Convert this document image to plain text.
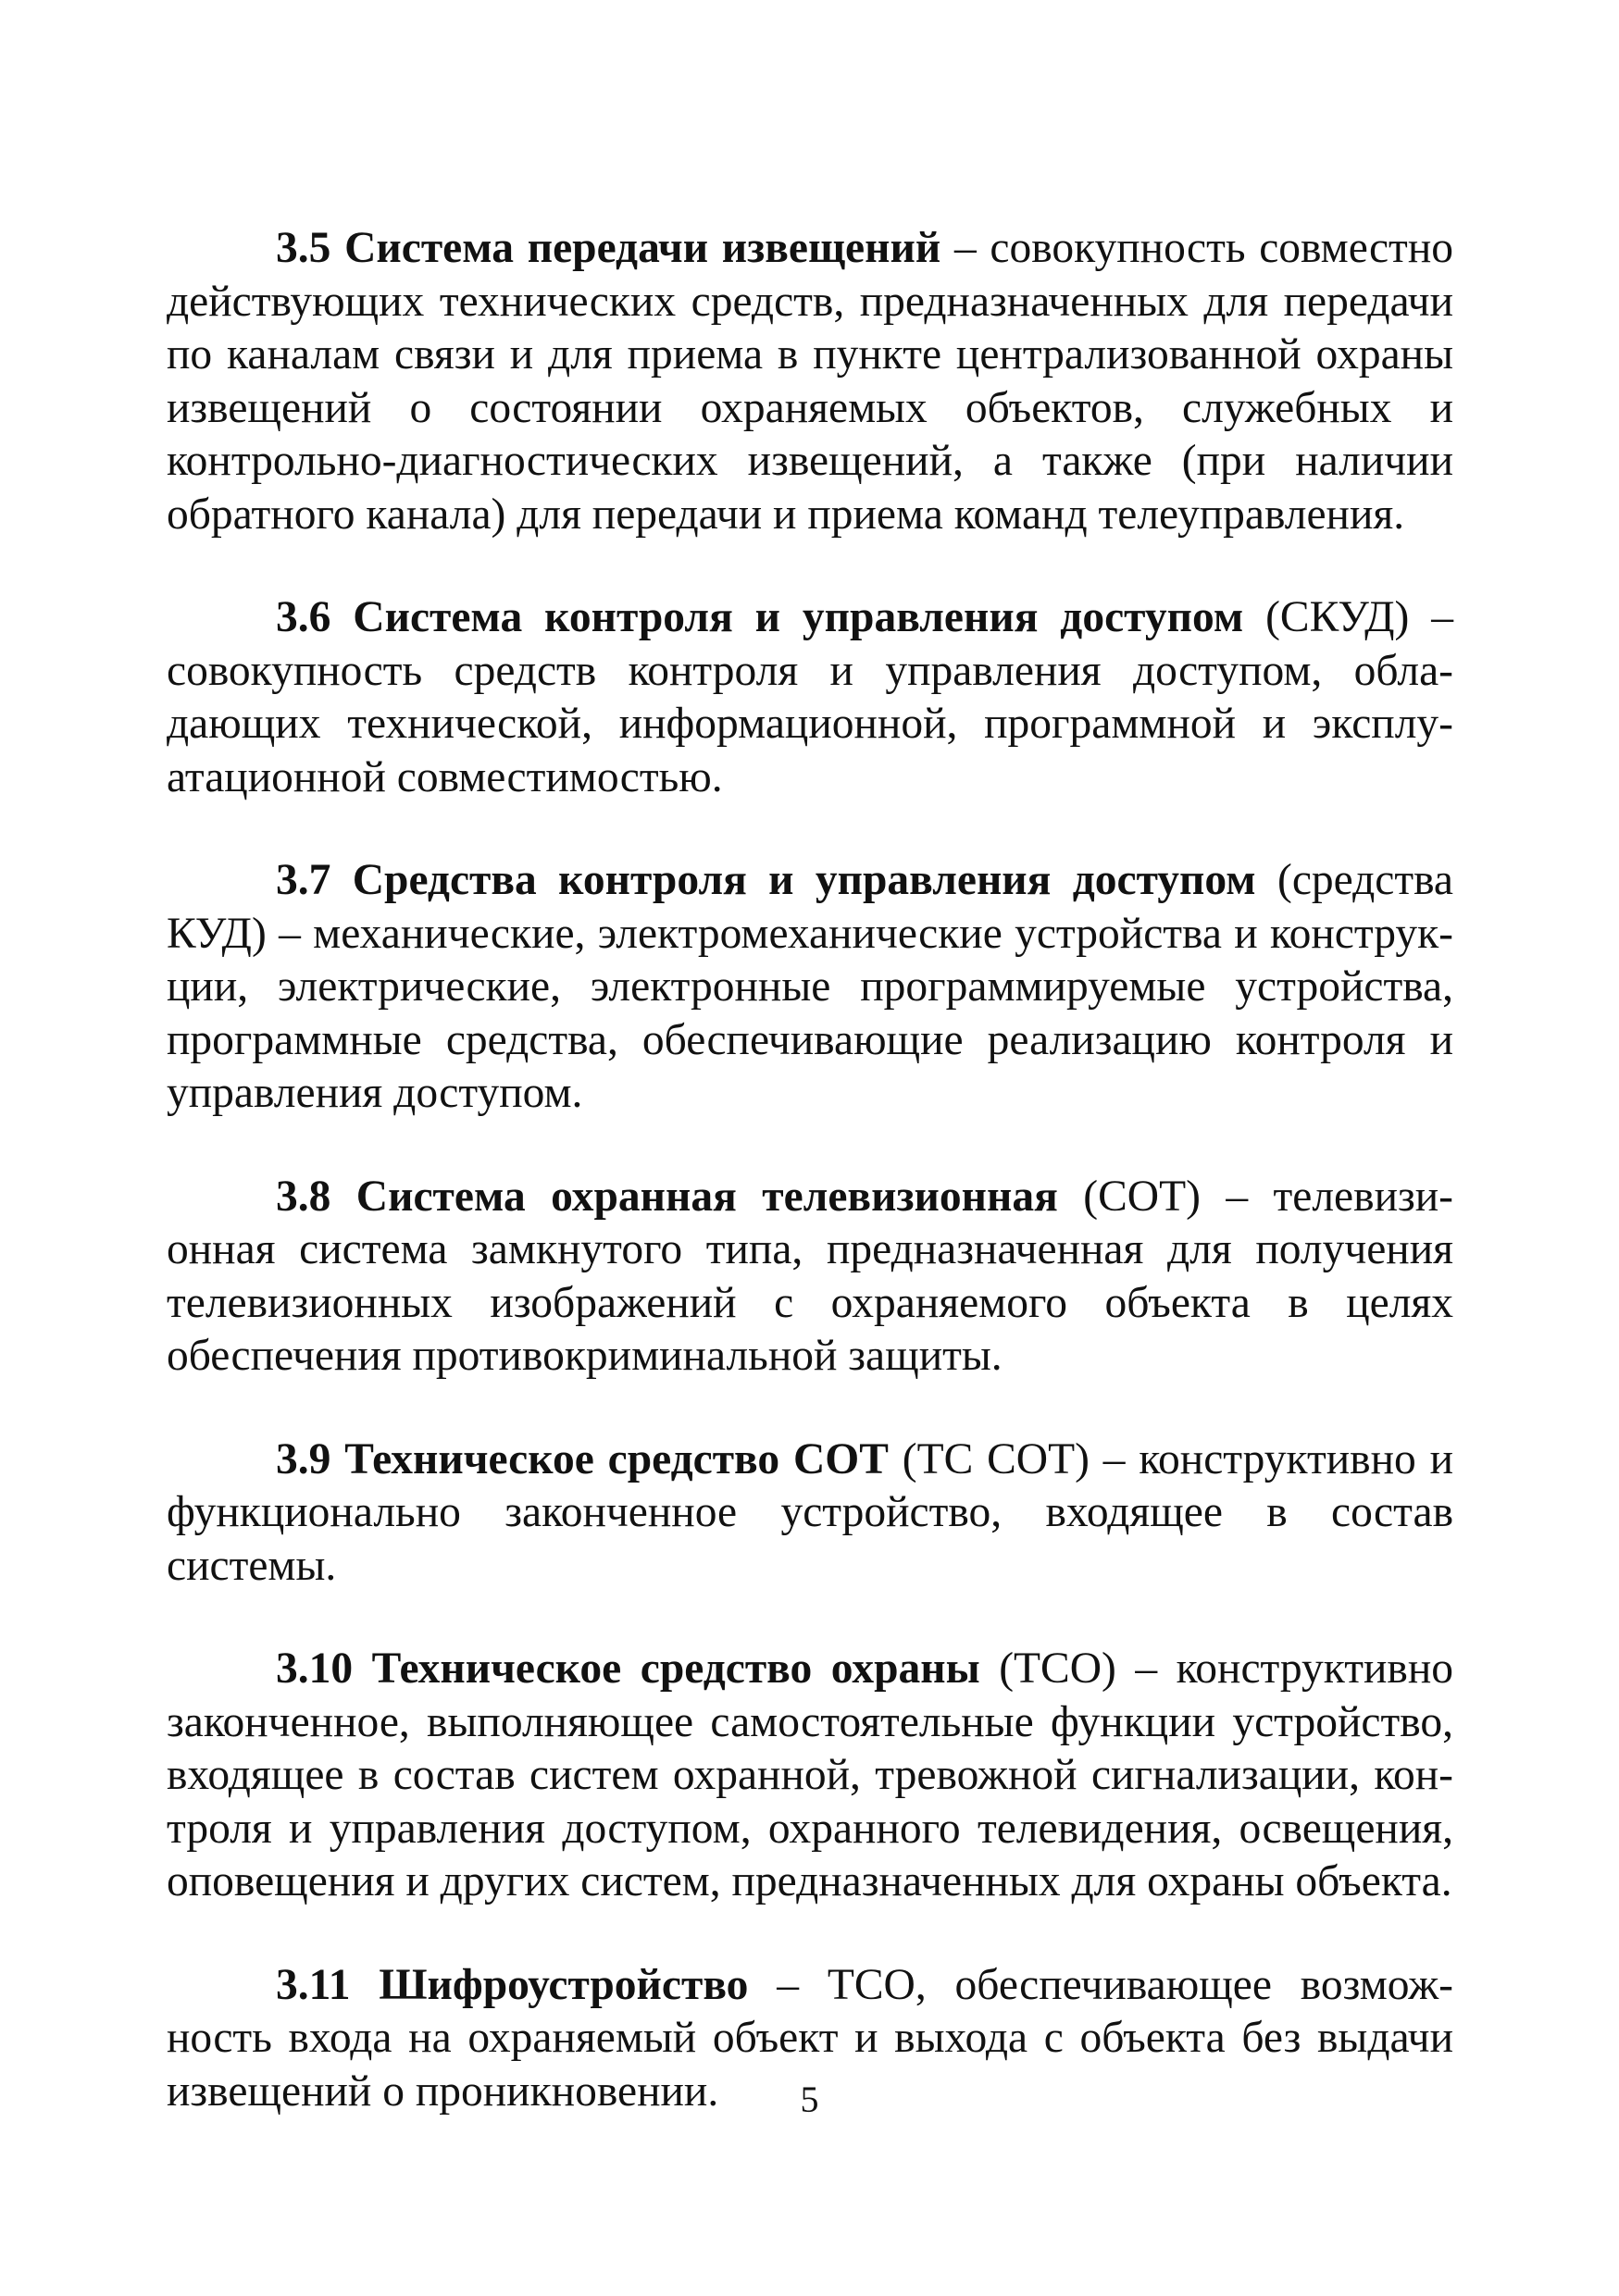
3.5 Система передачи извещений – совокупность совместно действующих технических средств, предназначенных для передачи по каналам связи и для приема в пункте централизованной охраны извещений о состоянии охраняемых объектов, служебных и контрольно-диагностических извещений, а также (при наличии обратного канала) для передачи и приема команд телеуправления.

3.6 Система контроля и управления доступом (СКУД) – совокупность средств контроля и управления доступом, обладающих технической, информационной, программной и эксплуатационной совместимостью.

3.7 Средства контроля и управления доступом (средства КУД) – механические, электромеханические устройства и конструкции, электрические, электронные программируемые устройства, программные средства, обеспечивающие реализацию контроля и управления доступом.

3.8 Система охранная телевизионная (СОТ) – телевизионная система замкнутого типа, предназначенная для получения телевизионных изображений с охраняемого объекта в целях обеспечения противокриминальной защиты.

3.9 Техническое средство СОТ (ТС СОТ) – конструктивно и функционально законченное устройство, входящее в состав системы.

3.10 Техническое средство охраны (ТСО) – конструктивно законченное, выполняющее самостоятельные функции устройство, входящее в состав систем охранной, тревожной сигнализации, контроля и управления доступом, охранного телевидения, освещения, оповещения и других систем, предназначенных для охраны объекта.

3.11 Шифроустройство – ТСО, обеспечивающее возможность входа на охраняемый объект и выхода с объекта без выдачи извещений о проникновении.	5
